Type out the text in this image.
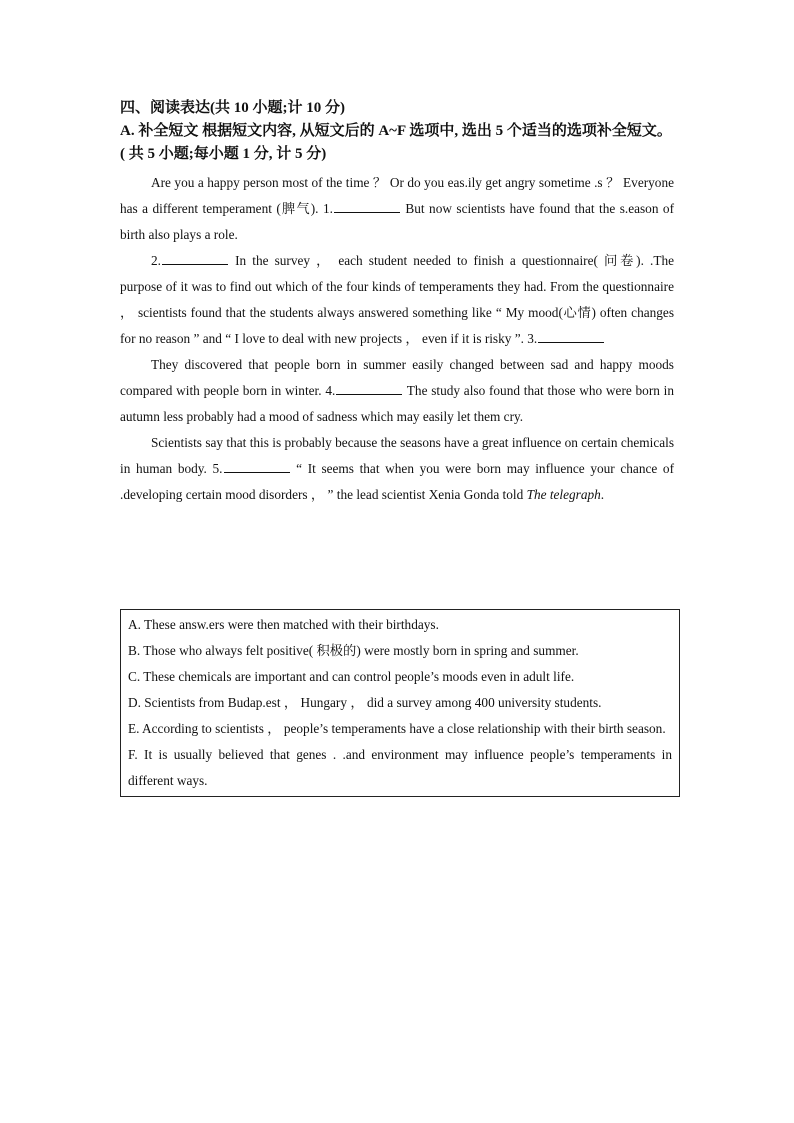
四、阅读表达(共 10 小题;计 10 分)

A. 补全短文 根据短文内容, 从短文后的 A~F 选项中, 选出 5 个适当的选项补全短文。( 共 5 小题;每小题 1 分, 计 5 分)

Are you a happy person most of the time ？ Or do you eas.ily get angry sometime .s ？ Everyone has a different temperament (脾气). 1.	But now scientists have found that the s.eason of birth also plays a role.

2.	In the survey ， each student needed to finish a questionnaire( 问卷). .The purpose of it was to find out which of the four kinds of temperaments they had. From the questionnaire ， scientists found that the students always answered something like “ My mood(心情) often changes for no reason ” and “ I love to deal with new projects ， even if it is risky ”. 3.

They discovered that people born in summer easily changed between sad and happy moods compared with people born in winter. 4.	The study also found that those who were born in autumn less probably had a mood of sadness which may easily let them cry.

Scientists say that this is probably because the seasons have a great influence on certain chemicals in human body. 5.	“ It seems that when you were born may influence your chance of .developing certain mood disorders ， ” the lead scientist Xenia Gonda told The telegraph.

A. These answ.ers were then matched with their birthdays.

B. Those who always felt positive( 积极的) were mostly born in spring and summer.

C. These chemicals are important and can control people’s moods even in adult life.

D. Scientists from Budap.est ， Hungary ， did a survey among 400 university students.

E. According to scientists ， people’s temperaments have a close relationship with their birth season.

F. It is usually believed that genes . .and environment may influence people’s temperaments in different ways.
